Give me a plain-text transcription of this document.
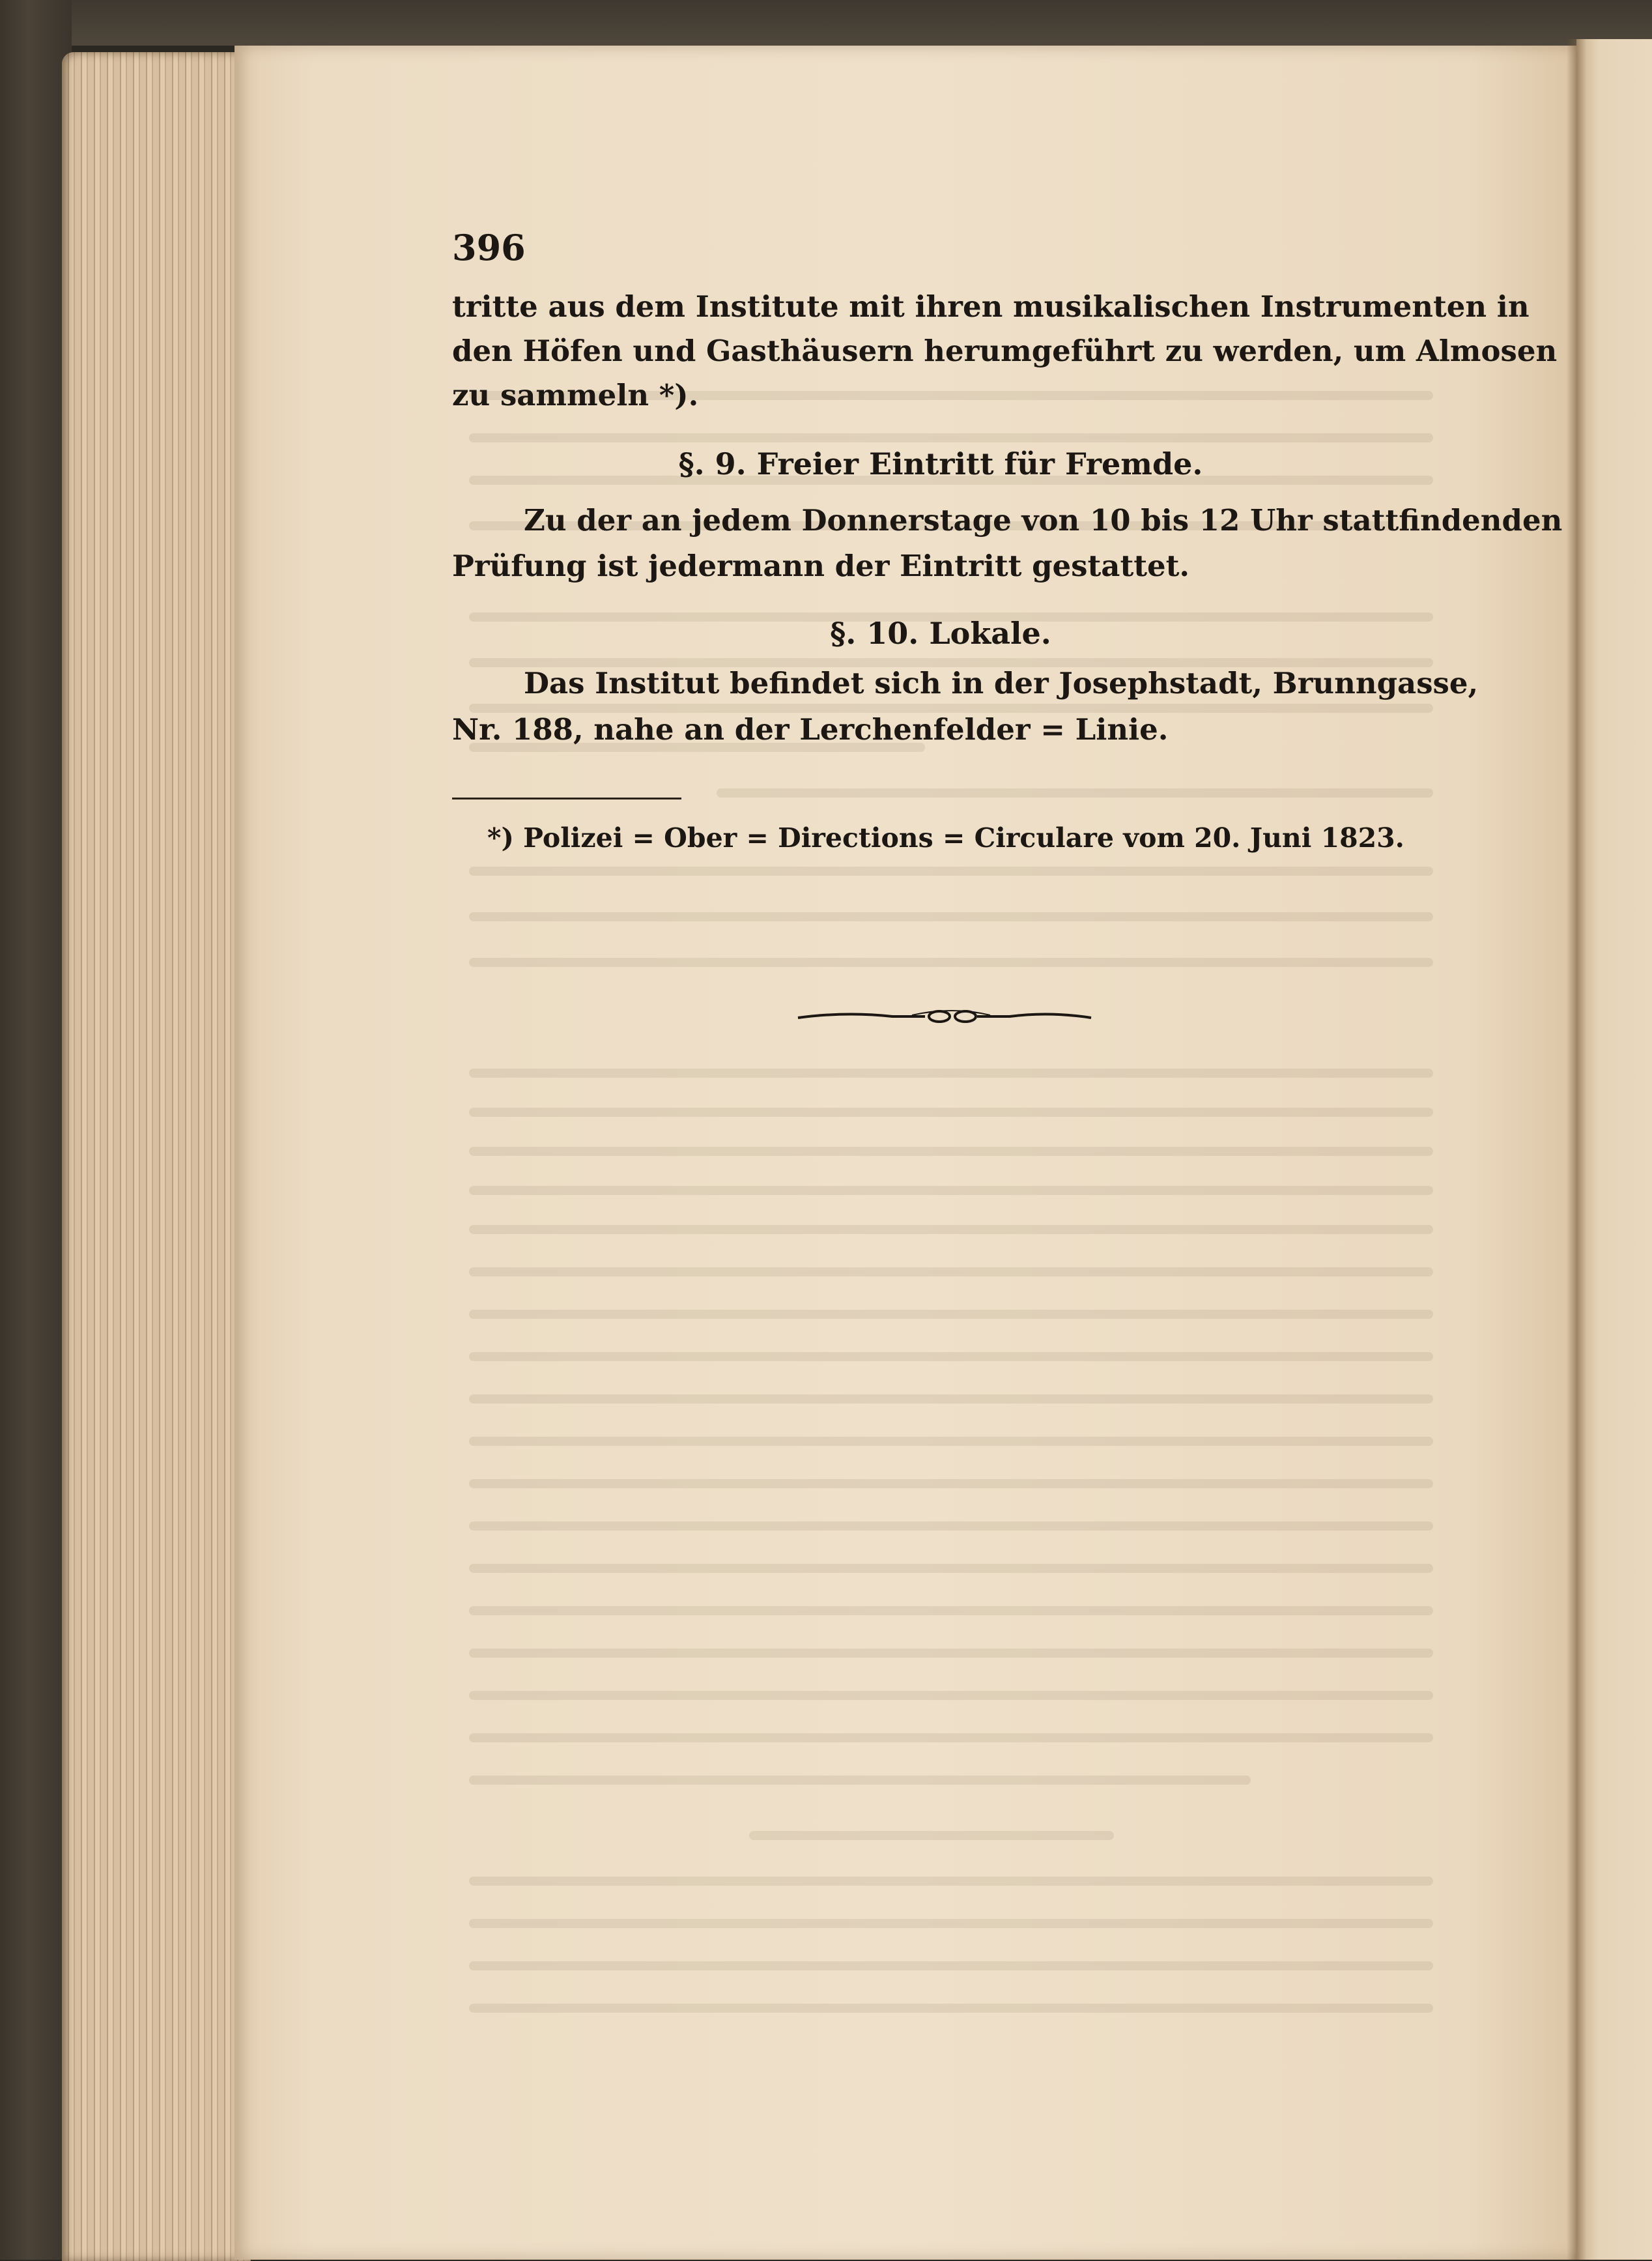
396
tritte aus dem Institute mit ihren musikalischen Instrumenten in
den Höfen und Gasthäusern herumgeführt zu werden, um Almosen
zu sammeln *).
§. 9. Freier Eintritt für Fremde.
Zu der an jedem Donnerstage von 10 bis 12 Uhr stattfindenden
Prüfung ist jedermann der Eintritt gestattet.
§. 10. Lokale.
Das Institut befindet sich in der Josephstadt, Brunngasse,
Nr. 188, nahe an der Lerchenfelder = Linie.
*) Polizei = Ober = Directions = Circulare vom 20. Juni 1823.
